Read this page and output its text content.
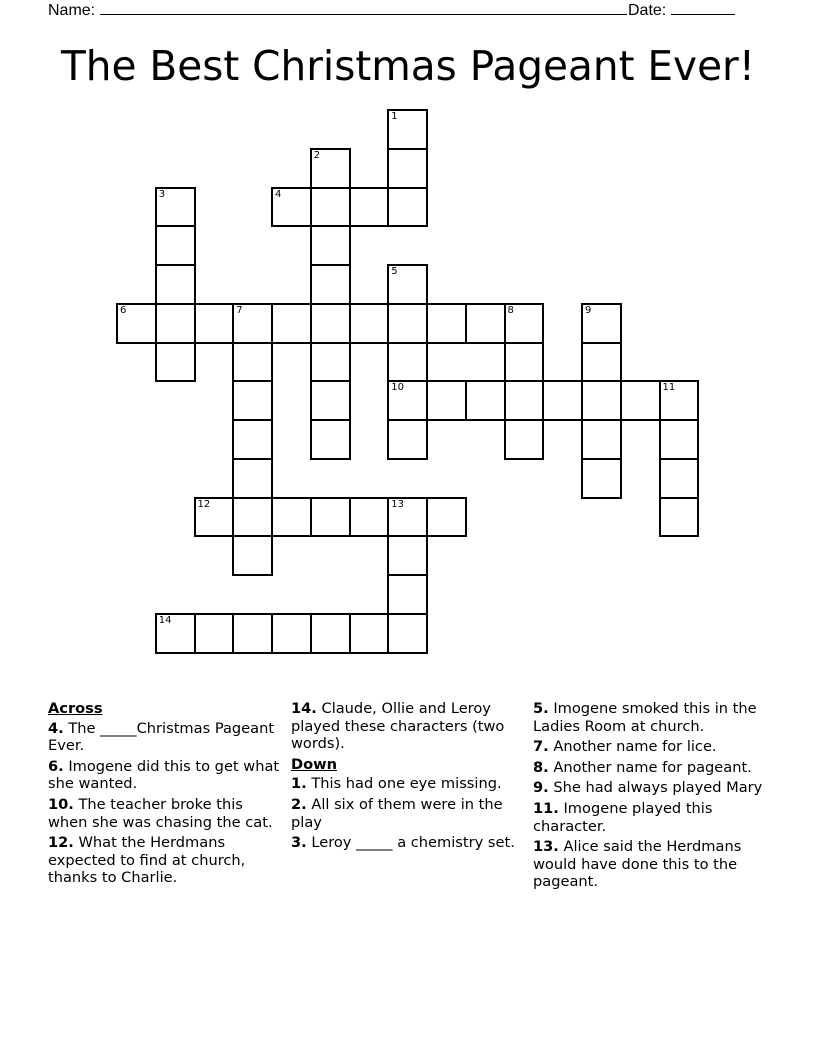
Name:	Date:
The Best Christmas Pageant Ever!
1
2
3	4
5
6	7	8	9
10	11
12	13
14
Across
4. The _____Christmas Pageant Ever.
6. Imogene did this to get what she wanted.
10. The teacher broke this when she was chasing the cat.
12. What the Herdmans expected to find at church, thanks to Charlie.
14. Claude, Ollie and Leroy played these characters (two words).
Down
1. This had one eye missing.
2. All six of them were in the play
3. Leroy _____ a chemistry set.
5. Imogene smoked this in the Ladies Room at church.
7. Another name for lice.
8. Another name for pageant.
9. She had always played Mary
11. Imogene played this character.
13. Alice said the Herdmans would have done this to the pageant.
